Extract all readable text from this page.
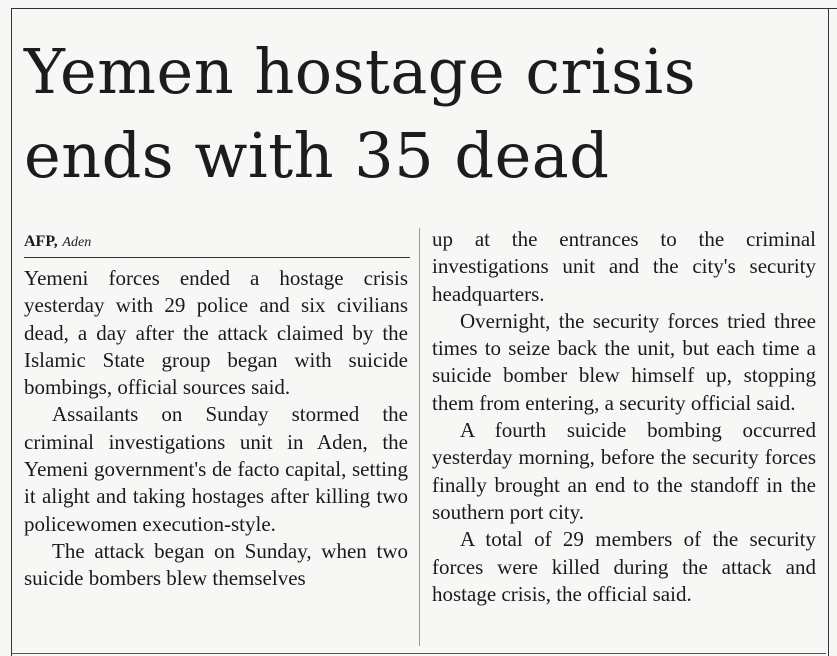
Yemen hostage crisis ends with 35 dead
AFP, Aden

Yemeni forces ended a hostage crisis yesterday with 29 police and six civilians dead, a day after the attack claimed by the Islamic State group began with suicide bombings, official sources said.

Assailants on Sunday stormed the criminal investigations unit in Aden, the Yemeni government's de facto capital, setting it alight and taking hostages after killing two policewomen execution-style.

The attack began on Sunday, when two suicide bombers blew themselves

up at the entrances to the criminal investigations unit and the city's security headquarters.

Overnight, the security forces tried three times to seize back the unit, but each time a suicide bomber blew himself up, stopping them from entering, a security official said.

A fourth suicide bombing occurred yesterday morning, before the security forces finally brought an end to the standoff in the southern port city.

A total of 29 members of the security forces were killed during the attack and hostage crisis, the official said.
